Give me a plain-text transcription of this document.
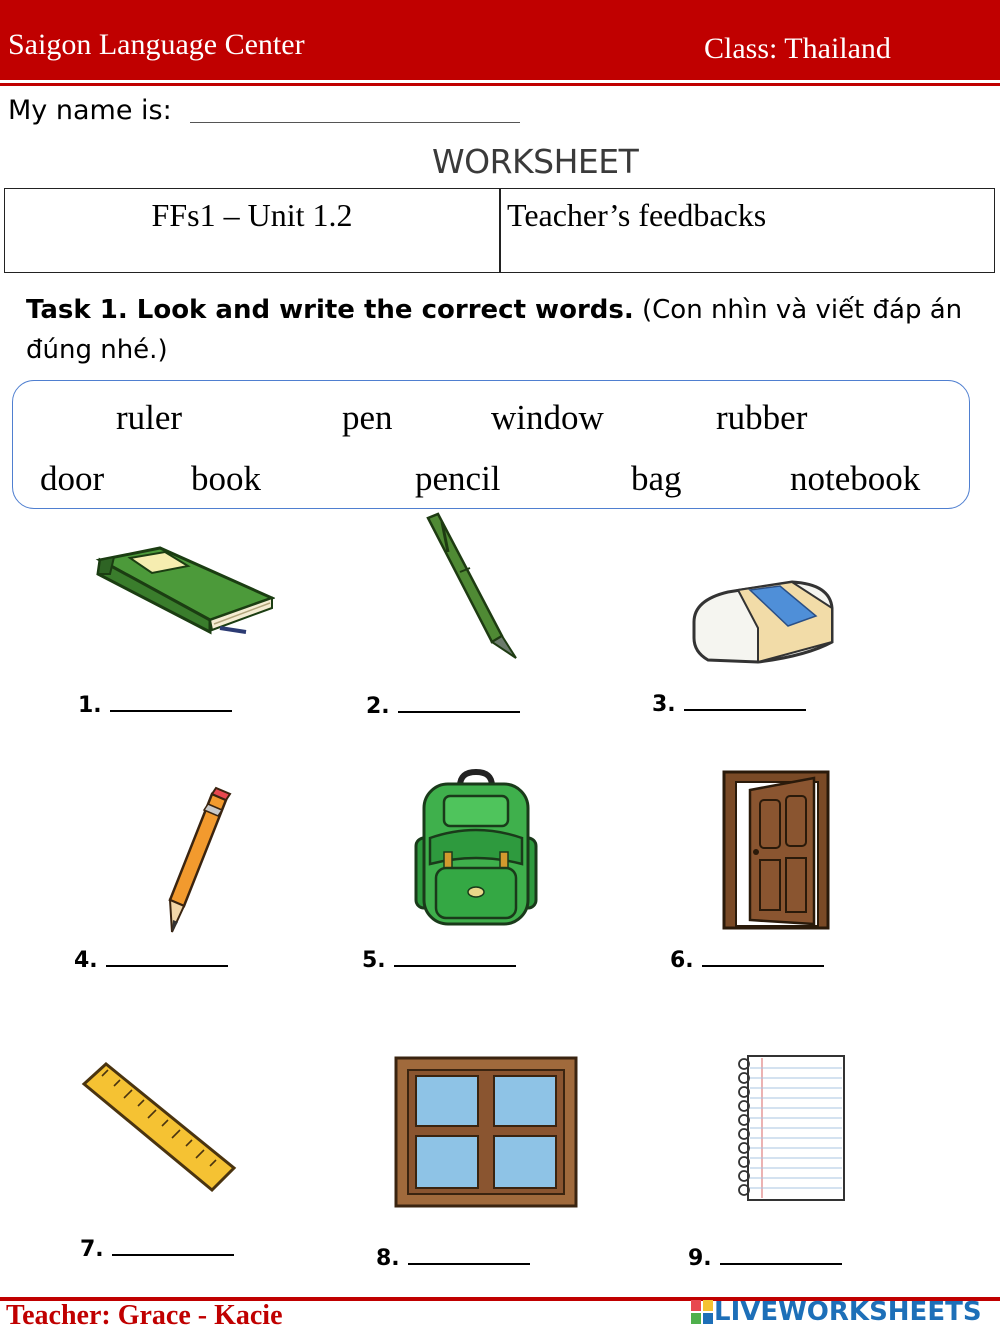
Saigon Language Center	Class: Thailand
My name is:
WORKSHEET
FFs1 – Unit 1.2	Teacher’s feedbacks
Task 1. Look and write the correct words. (Con nhìn và viết đáp án đúng nhé.)
ruler	pen	window	rubber
door book	pencil	bag	notebook
1.	2.	3.
4.	5.	6.
7.	8.	9.
Teacher: Grace - Kacie	LIVEWORKSHEETS
